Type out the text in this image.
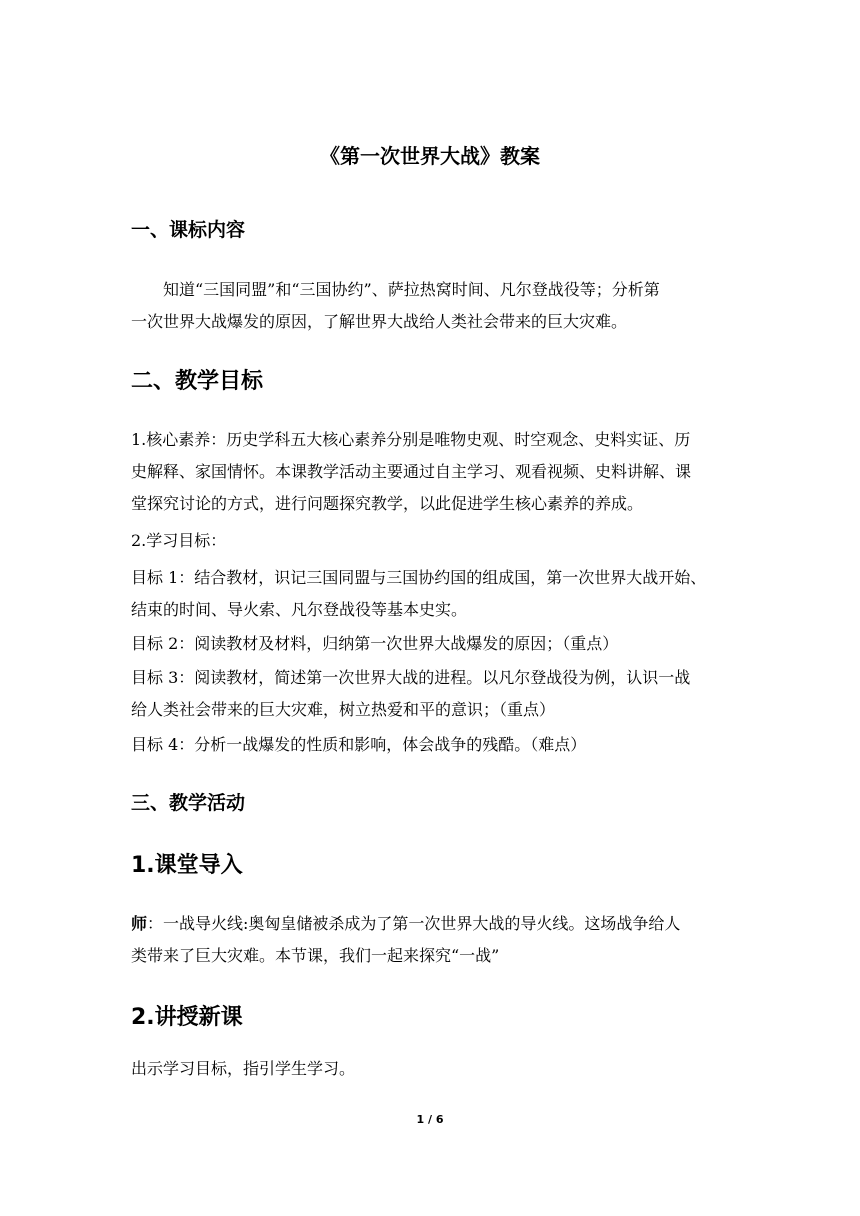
《第一次世界大战》教案
一、课标内容
知道“三国同盟”和“三国协约”、萨拉热窝时间、凡尔登战役等；分析第
一次世界大战爆发的原因，了解世界大战给人类社会带来的巨大灾难。
二、教学目标
1.核心素养：历史学科五大核心素养分别是唯物史观、时空观念、史料实证、历
史解释、家国情怀。本课教学活动主要通过自主学习、观看视频、史料讲解、课
堂探究讨论的方式，进行问题探究教学，以此促进学生核心素养的养成。
2.学习目标：
目标 1：结合教材，识记三国同盟与三国协约国的组成国，第一次世界大战开始、
结束的时间、导火索、凡尔登战役等基本史实。
目标 2：阅读教材及材料，归纳第一次世界大战爆发的原因；（重点）
目标 3：阅读教材，简述第一次世界大战的进程。以凡尔登战役为例，认识一战
给人类社会带来的巨大灾难，树立热爱和平的意识；（重点）
目标 4：分析一战爆发的性质和影响，体会战争的残酷。（难点）
三、教学活动
1.课堂导入
师：一战导火线:奥匈皇储被杀成为了第一次世界大战的导火线。这场战争给人
类带来了巨大灾难。本节课，我们一起来探究“一战”
2.讲授新课
出示学习目标，指引学生学习。
1 / 6
